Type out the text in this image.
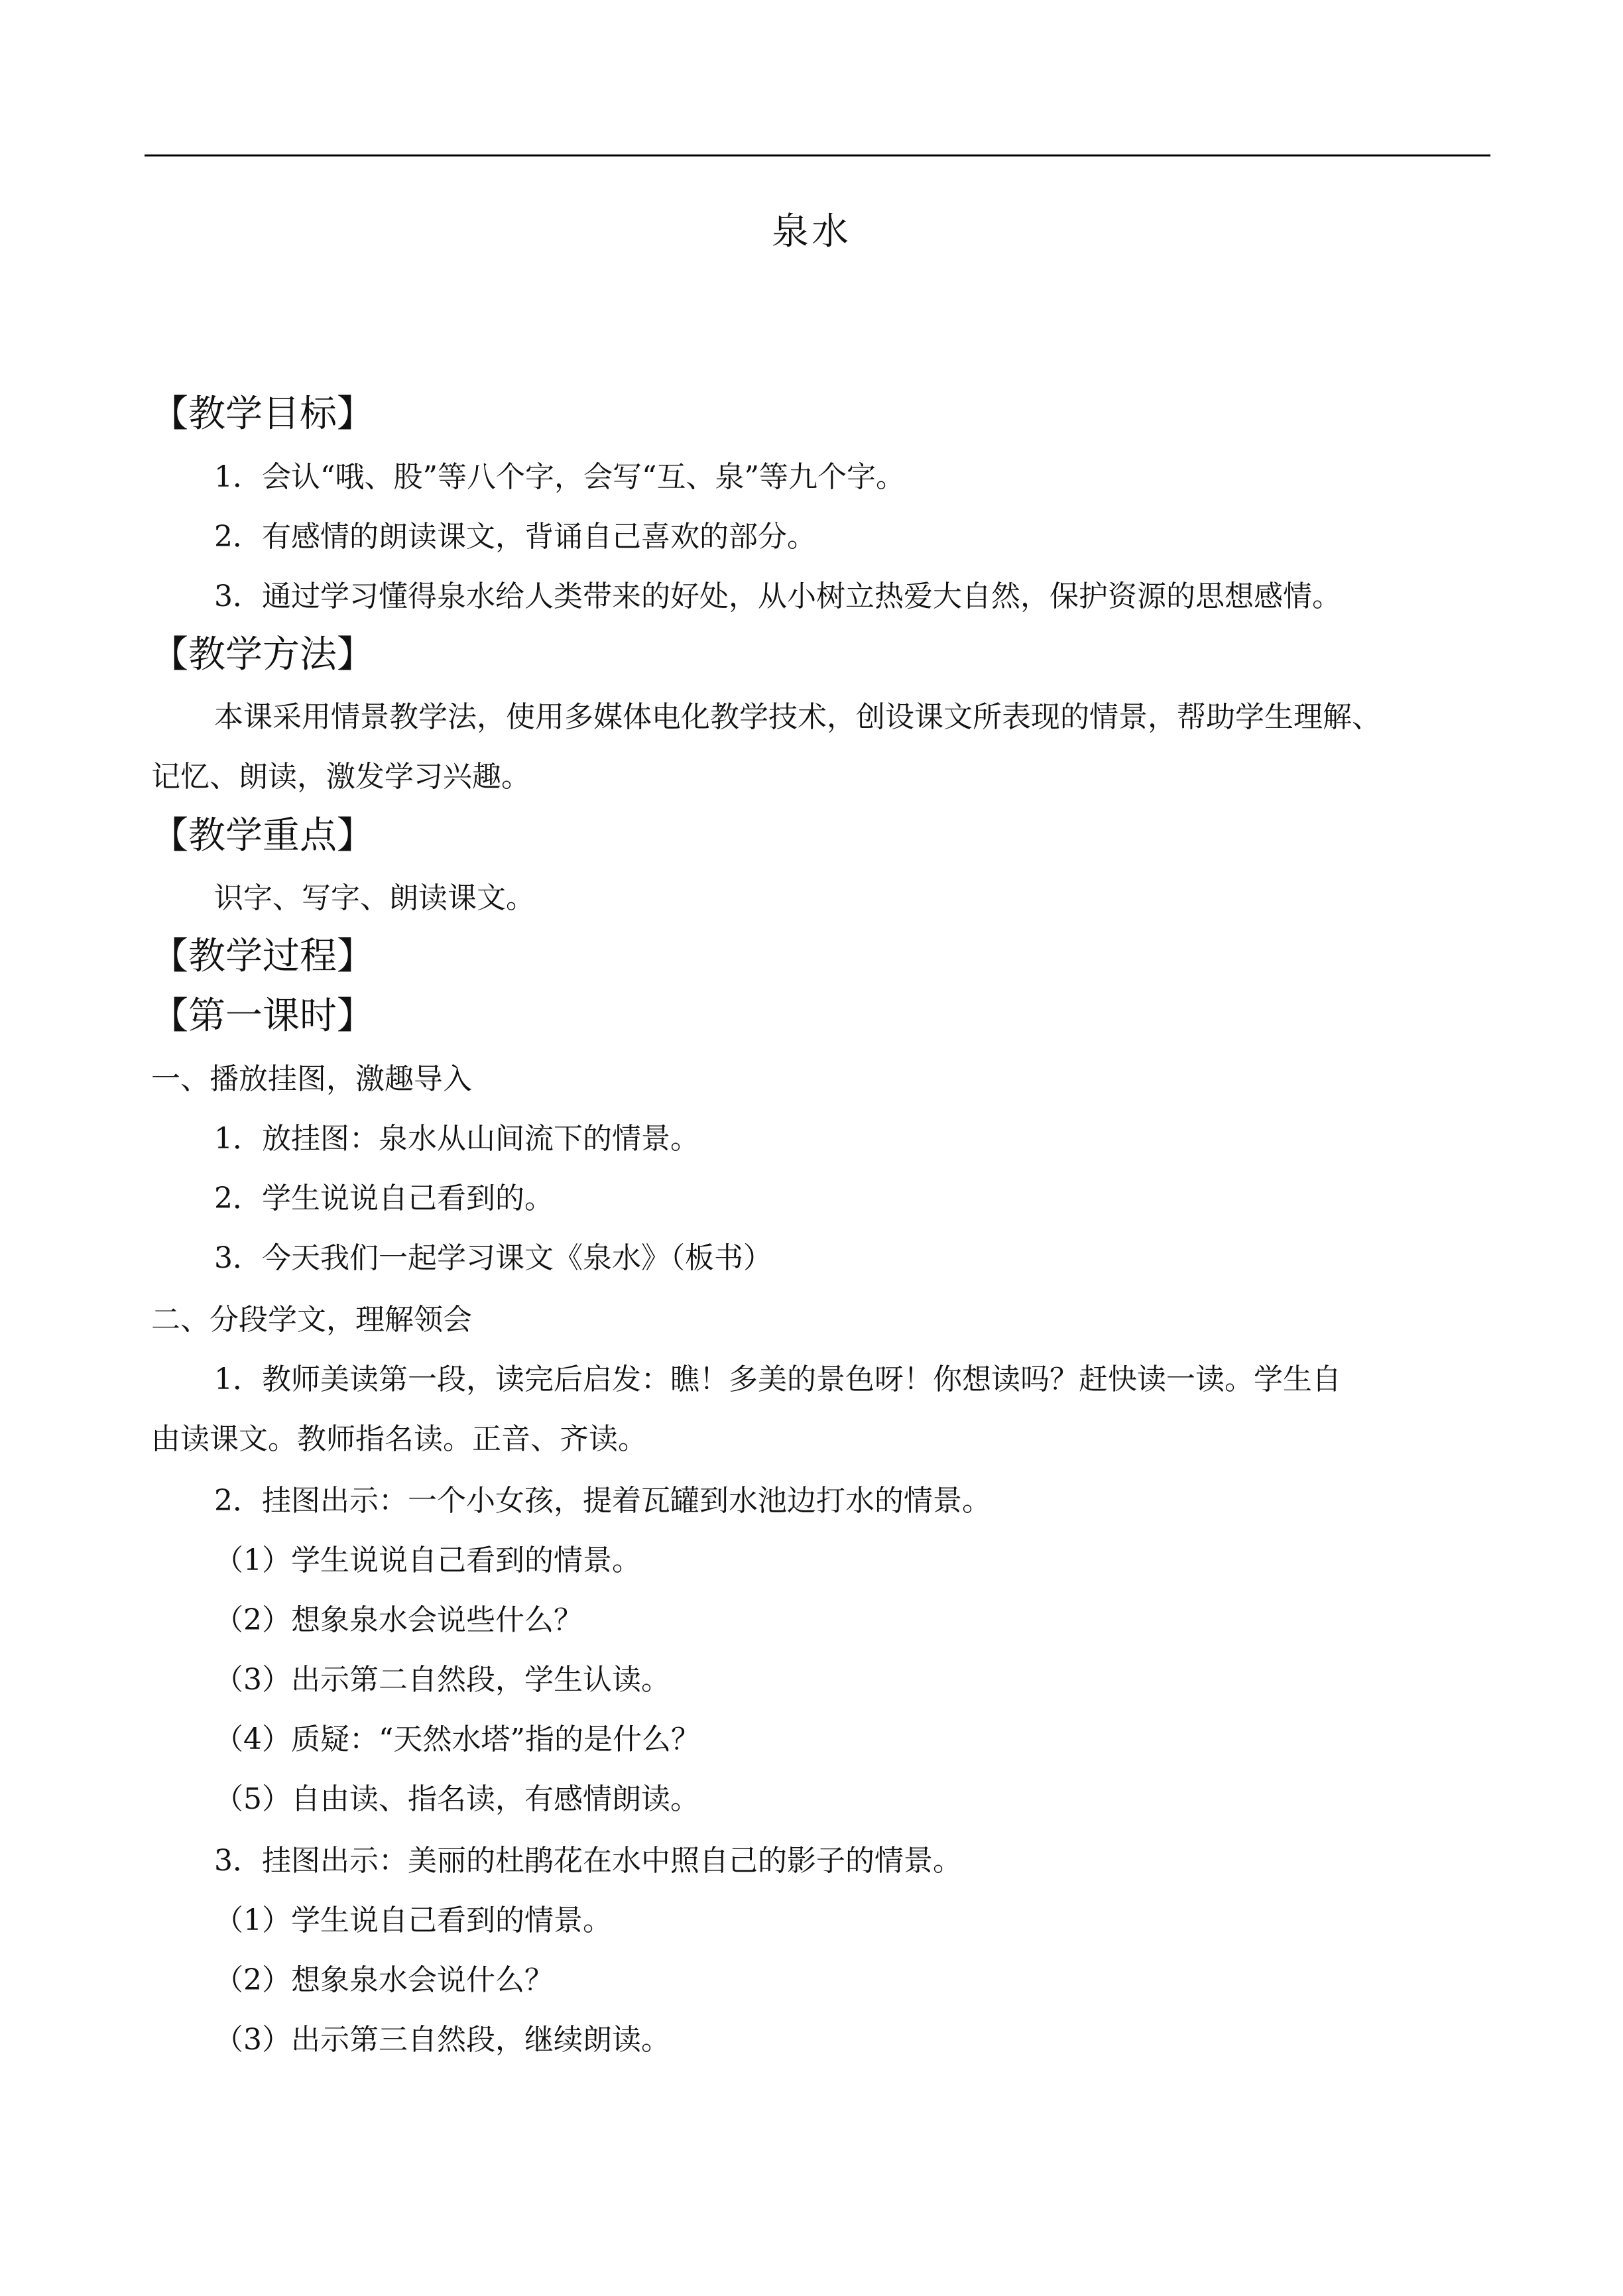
泉水
【教学目标】
1．会认“哦、股”等八个字，会写“互、泉”等九个字。
2．有感情的朗读课文，背诵自己喜欢的部分。
3．通过学习懂得泉水给人类带来的好处，从小树立热爱大自然，保护资源的思想感情。
【教学方法】
本课采用情景教学法，使用多媒体电化教学技术，创设课文所表现的情景，帮助学生理解、
记忆、朗读，激发学习兴趣。
【教学重点】
识字、写字、朗读课文。
【教学过程】
【第一课时】
一、播放挂图，激趣导入
1．放挂图：泉水从山间流下的情景。
2．学生说说自己看到的。
3．今天我们一起学习课文《泉水》（板书）
二、分段学文，理解领会
1．教师美读第一段，读完后启发：瞧！多美的景色呀！你想读吗？赶快读一读。学生自
由读课文。教师指名读。正音、齐读。
2．挂图出示：一个小女孩，提着瓦罐到水池边打水的情景。
（1）学生说说自己看到的情景。
（2）想象泉水会说些什么？
（3）出示第二自然段，学生认读。
（4）质疑：“天然水塔”指的是什么？
（5）自由读、指名读，有感情朗读。
3．挂图出示：美丽的杜鹃花在水中照自己的影子的情景。
（1）学生说自己看到的情景。
（2）想象泉水会说什么？
（3）出示第三自然段，继续朗读。
